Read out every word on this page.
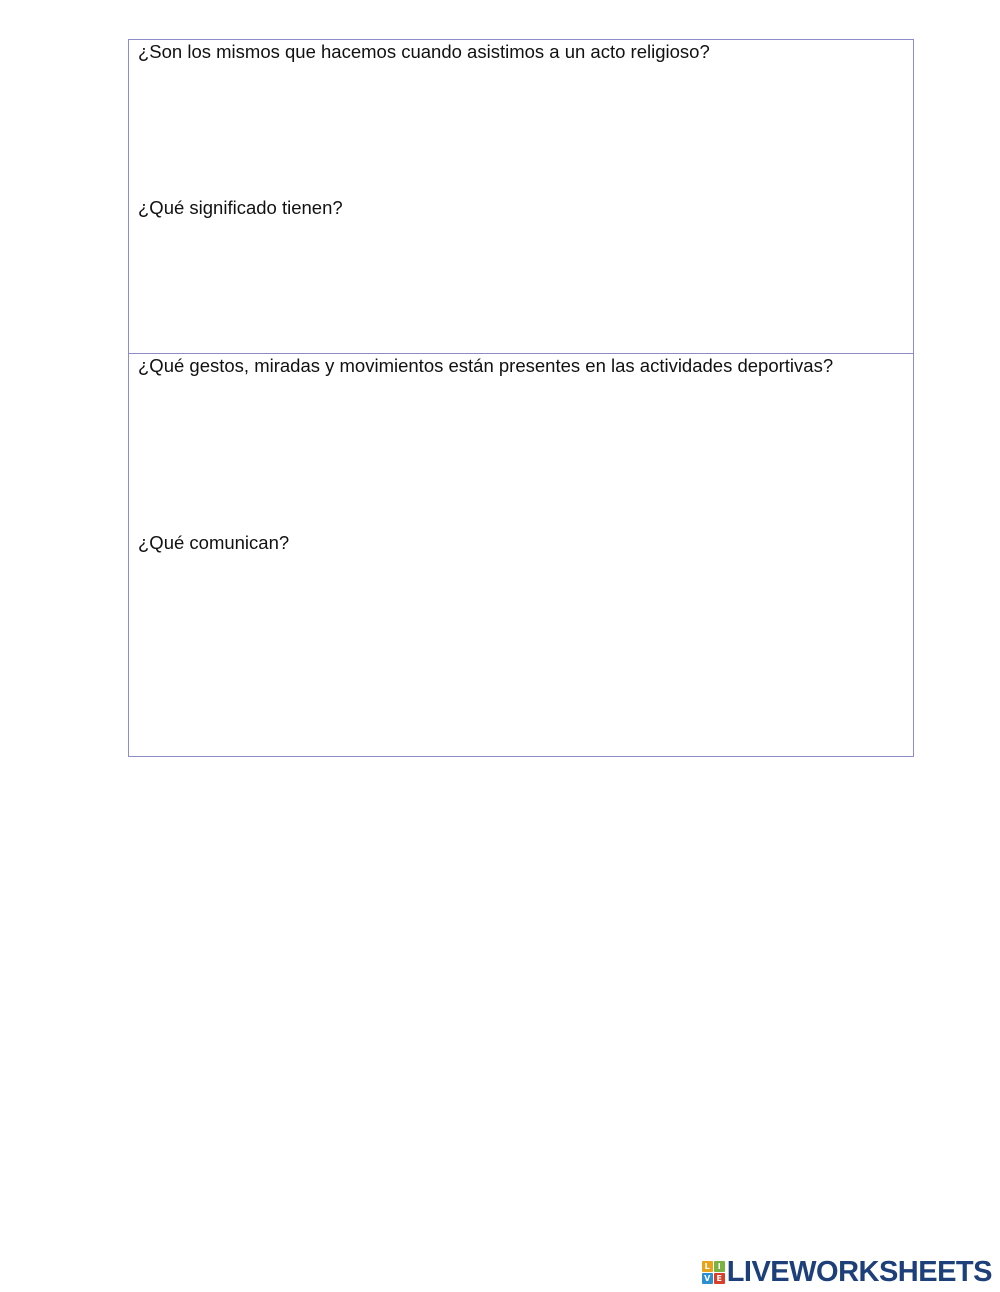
¿Son los mismos que hacemos cuando asistimos a un acto religioso?

¿Qué significado tienen?

¿Qué gestos, miradas y movimientos están presentes en las actividades deportivas?

¿Qué comunican?

L I
V E LIVEWORKSHEETS
